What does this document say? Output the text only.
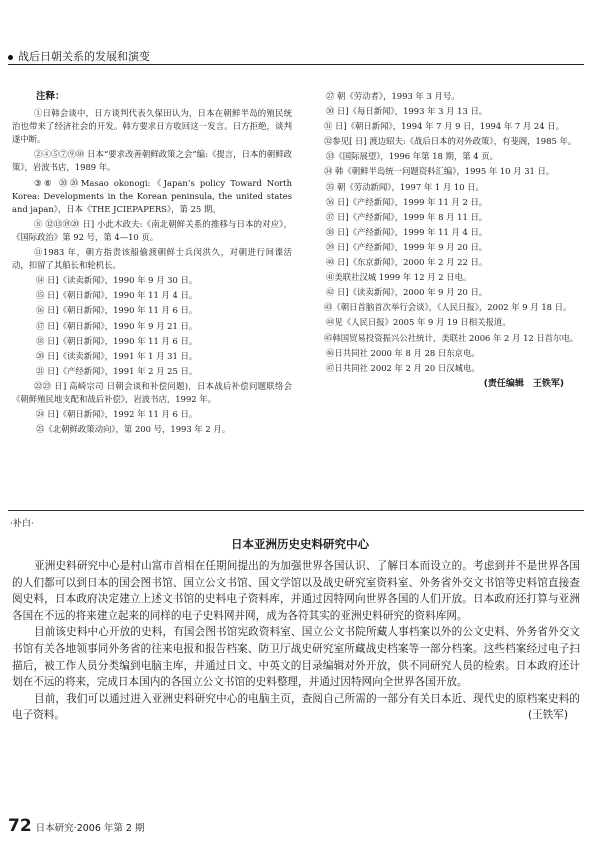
战后日朝关系的发展和演变
注释：

①日韩会谈中，日方谈判代表久保田认为，日本在朝鲜半岛的殖民统治也带来了经济社会的开发。韩方要求日方收回这一发言。日方拒绝，谈判遂中断。

②④⑤⑦⑨⑩ 日本“要求改善朝鲜政策之会”编:《提言，日本的朝鲜政策》，岩波书店，1989 年。

③⑥ ⑳⑳Masao okonogi:《Japan’s policy Toward North Korea: Developments in the Korean peninsula, the united states and japan》，日本《THE JCIEPAPERS》，第 25 期。

⑧ ⑫⑬⑲⑳ 日] 小此木政夫:《南北朝鲜关系的推移与日本的对应》，《国际政治》第 92 号，第 4—10 页。

⑪1983 年，朝方指责该船偷渡朝鲜士兵闵洪久，对朝进行间谍活动，扣留了其船长和轮机长。

⑭ 日]《读卖新闻》，1990 年 9 月 30 日。

⑮ 日]《朝日新闻》，1990 年 11 月 4 日。

⑯ 日]《朝日新闻》，1990 年 11 月 6 日。

⑰ 日]《朝日新闻》，1990 年 9 月 21 日。

⑱ 日]《朝日新闻》，1990 年 11 月 6 日。

⑳ 日]《读卖新闻》，1991 年 1 月 31 日。

㉑ 日]《产经新闻》，1991 年 2 月 25 日。

㉒㉓ 日] 高崎宗司 日朝会谈和补偿问题)，日本战后补偿问题联络会《朝鲜殖民地支配和战后补偿》，岩波书店，1992 年。

㉔ 日]《朝日新闻》，1992 年 11 月 6 日。

㉕《北朝鲜政策动向》，第 200 号，1993 年 2 月。

㉗ 朝《劳动者》，1993 年 3 月号。

㉚ 日]《每日新闻》，1993 年 3 月 13 日。

㉛ 日]《朝日新闻》，1994 年 7 月 9 日，1994 年 7 月 24 日。

㉜参见[ 日] 渡边昭夫:《战后日本的对外政策》，有斐阁，1985 年。

㉝《国际展望》，1996 年第 18 期，第 4 页。

㉞ 韩《朝鲜半岛统一问题资料汇编》，1995 年 10 月 31 日。

㉟ 朝《劳动新闻》，1997 年 1 月 10 日。

㊱ 日]《产经新闻》，1999 年 11 月 2 日。

㊲ 日]《产经新闻》，1999 年 8 月 11 日。

㊳ 日]《产经新闻》，1999 年 11 月 4 日。

㊴ 日]《产经新闻》，1999 年 9 月 20 日。

㊵ 日]《东京新闻》，2000 年 2 月 22 日。

㊶美联社汉城 1999 年 12 月 2 日电。

㊷ 日]《读卖新闻》，2000 年 9 月 20 日。

㊸《朝日首脑首次举行会谈》，《人民日报》，2002 年 9 月 18 日。

㊹见《人民日报》2005 年 9 月 19 日相关报道。

㊺韩国贸易投资振兴公社统计，美联社 2006 年 2 月 12 日首尔电。

㊻日共同社 2000 年 8 月 28 日东京电。

㊼日共同社 2002 年 2 月 20 日汉城电。

(责任编辑　王铁军)
·补白·
日本亚洲历史史料研究中心

亚洲史料研究中心是村山富市首相在任期间提出的为加强世界各国认识、了解日本而设立的。考虑到并不是世界各国的人们都可以到日本的国会图书馆、国立公文书馆、国文学馆以及战史研究室资料室、外务省外交文书馆等史料馆直接查阅史料，日本政府决定建立上述文书馆的史料电子资料库，并通过因特网向世界各国的人们开放。日本政府还打算与亚洲各国在不远的将来建立起来的同样的电子史料网并网，成为各符其实的亚洲史料研究的资料库网。

目前该史料中心开放的史料，有国会图书馆宪政资料室、国立公文书院所藏人事档案以外的公文史料、外务省外交文书馆有关各地领事同外务省的往来电报和报告档案、防卫厅战史研究室所藏战史档案等一部分档案。这些档案经过电子扫描后，被工作人员分类编到电脑主库，并通过日文、中英文的目录编辑对外开放，供不同研究人员的检索。日本政府还计划在不远的将来，完成日本国内的各国立公文书馆的史料整理，并通过因特网向全世界各国开放。

目前，我们可以通过进入亚洲史料研究中心的电脑主页，查阅自己所需的一部分有关日本近、现代史的原档案史料的电子资料。	(王铁军)

72 日本研究·2006 年第 2 期
